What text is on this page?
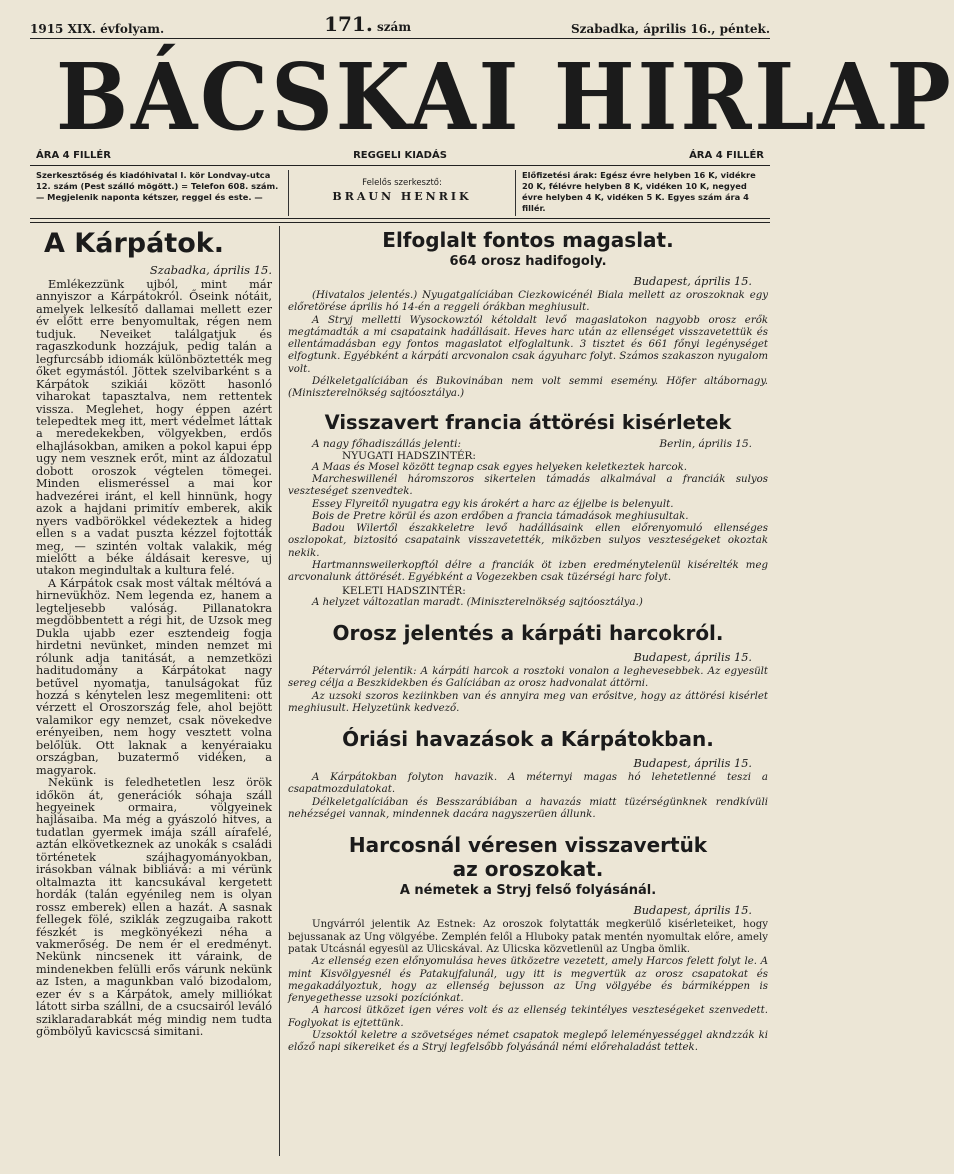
1915 XIX. évfolyam.	171. szám	Szabadka, április 16., péntek.
BÁCSKAI HIRLAP
ÁRA 4 FILLÉR	REGGELI KIADÁS	ÁRA 4 FILLÉR
Szerkesztőség és kiadóhivatal I. kör Londvay-utca 12. szám (Pest szálló mögött.) = Telefon 608. szám. — Megjelenik naponta kétszer, reggel és este. —
Felelős szerkesztő:
BRAUN HENRIK
Előfizetési árak: Egész évre helyben 16 K, vidékre 20 K, félévre helyben 8 K, vidéken 10 K, negyed évre helyben 4 K, vidéken 5 K. Egyes szám ára 4 fillér.
A Kárpátok.
Szabadka, április 15.

Emlékezzünk ujból, mint már annyiszor a Kárpátokról. Őseink nótáit, amelyek lelkesítő dallamai mellett ezer év előtt erre benyomultak, régen nem tudjuk. Neveiket találgatjuk és ragaszkodunk hozzájuk, pedig talán a legfurcsább idiomák különböztették meg őket egymástól. Jöttek szelvibarként s a Kárpátok szikiái között hasonló viharokat tapasztalva, nem rettentek vissza. Meglehet, hogy éppen azért telepedtek meg itt, mert védelmet láttak a meredekekben, völgyekben, erdős elhajlásokban, amiken a pokol kapui épp ugy nem vesznek erőt, mint az áldozatul dobott oroszok végtelen tömegei. Minden elismeréssel a mai kor hadvezérei iránt, el kell hinnünk, hogy azok a hajdani primitív emberek, akik nyers vadbörökkel védekeztek a hideg ellen s a vadat puszta kézzel fojtották meg, — szintén voltak valakik, még mielőtt a béke áldásait keresve, uj utakon megindultak a kultura felé.

A Kárpátok csak most váltak méltóvá a hirnevükhöz. Nem legenda ez, hanem a legteljesebb valóság. Pillanatokra megdöbbentett a régi hit, de Uzsok meg Dukla ujabb ezer esztendeig fogja hirdetni nevünket, minden nemzet mi rólunk adja tanitását, a nemzetközi haditudomány a Kárpátokat nagy betűvel nyomatja, tanulságokat fűz hozzá s kénytelen lesz megemliteni: ott vérzett el Oroszország fele, ahol bejött valamikor egy nemzet, csak növekedve erényeiben, nem hogy vesztett volna belőlük. Ott laknak a kenyéraiaku országban, buzatermő vidéken, a magyarok.

Nekünk is feledhetetlen lesz örök időkön át, generációk sóhaja száll hegyeinek ormaira, völgyeinek hajlásaiba. Ma még a gyászoló hitves, a tudatlan gyermek imája száll aírafelé, aztán elkövetkeznek az unokák s családi történetek szájhagyományokban, irásokban válnak bibliává: a mi vérünk oltalmazta itt kancsukával kergetett hordák (talán egyénileg nem is olyan rossz emberek) ellen a hazát. A sasnak fellegek fölé, sziklák zegzugaiba rakott fészkét is megkönyékezi néha a vakmerőség. De nem ér el eredményt. Nekünk nincsenek itt váraink, de mindenekben felülli erős várunk nekünk az Isten, a magunkban való bizodalom, ezer év s a Kárpátok, amely milliókat látott sirba szállni, de a csucsairól leváló sziklaradarabkát még mindig nem tudta gömbölyű kavicscsá simitani.

Elfoglalt fontos magaslat.
664 orosz hadifogoly.
Budapest, április 15.

(Hivatalos jelentés.) Nyugatgalíciában Ciezkowicénél Biala mellett az oroszoknak egy előretörése április hó 14-én a reggeli órákban meghiusult.

A Stryj melletti Wysockowztól kétoldalt levő magaslatokon nagyobb orosz erők megtámadták a mi csapataink hadállásait. Heves harc után az ellenséget visszavetettük és ellentámadásban egy fontos magaslatot elfoglaltunk. 3 tisztet és 661 főnyi legénységet elfogtunk. Egyébként a kárpáti arcvonalon csak ágyuharc folyt. Számos szakaszon nyugalom volt.

Délkeletgalíciában és Bukovinában nem volt semmi esemény. Höfer altábornagy. (Miniszterelnökség sajtóosztálya.)

Visszavert francia áttörési kisérletek
A nagy főhadiszállás jelenti:	Berlin, április 15.
NYUGATI HADSZINTÉR:

A Maas és Mosel között tegnap csak egyes helyeken keletkeztek harcok.

Marcheswillenél háromszoros sikertelen támadás alkalmával a franciák sulyos veszteséget szenvedtek.

Essey Flyreitől nyugatra egy kis árokért a harc az éjjelbe is belenyult.

Bois de Pretre körül és azon erdőben a francia támadások meghiusultak.

Badou Wilertől északkeletre levő hadállásaink ellen előrenyomuló ellenséges oszlopokat, biztositó csapataink visszavetették, miközben sulyos veszteségeket okoztak nekik.

Hartmannsweilerkopftól délre a franciák öt izben eredménytelenül kisérelték meg arcvonalunk áttörését. Egyébként a Vogezekben csak tüzérségi harc folyt.

KELETI HADSZINTÉR:

A helyzet változatlan maradt. (Miniszterelnökség sajtóosztálya.)

Orosz jelentés a kárpáti harcokról.
Budapest, április 15.

Pétervárról jelentik: A kárpáti harcok a rosztoki vonalon a leghevesebbek. Az egyesült sereg célja a Beszkidekben és Galíciában az orosz hadvonalat áttörni.

Az uzsoki szoros keziinkben van és annyira meg van erősitve, hogy az áttörési kisérlet meghiusult. Helyzetünk kedvező.

Óriási havazások a Kárpátokban.
Budapest, április 15.

A Kárpátokban folyton havazik. A méternyi magas hó lehetetlenné teszi a csapatmozdulatokat.

Délkeletgalíciában és Besszarábiában a havazás miatt tüzérségünknek rendkívüli nehézségei vannak, mindennek dacára nagyszerüen állunk.

Harcosnál véresen visszavertük
az oroszokat.
A németek a Stryj felső folyásánál.
Budapest, április 15.

Ungvárról jelentik Az Estnek: Az oroszok folytatták megkerülő kisérleteiket, hogy bejussanak az Ung völgyébe. Zemplén felől a Hluboky patak mentén nyomultak előre, amely patak Utcásnál egyesül az Ulicskával. Az Ulicska közvetlenül az Ungba ömlik.

Az ellenség ezen előnyomulása heves ütközetre vezetett, amely Harcos felett folyt le. A mint Kisvölgyesnél és Patakujfalunál, ugy itt is megvertük az orosz csapatokat és megakadályoztuk, hogy az ellenség bejusson az Ung völgyébe és bármiképpen is fenyegethesse uzsoki pozíciónkat.

A harcosi ütközet igen véres volt és az ellenség tekintélyes veszteségeket szenvedett. Foglyokat is ejtettünk.

Uzsoktól keletre a szövetséges német csapatok meglepő leleményességgel akndzzák ki előző napi sikereiket és a Stryj legfelsőbb folyásánál némi előrehaladást tettek.
